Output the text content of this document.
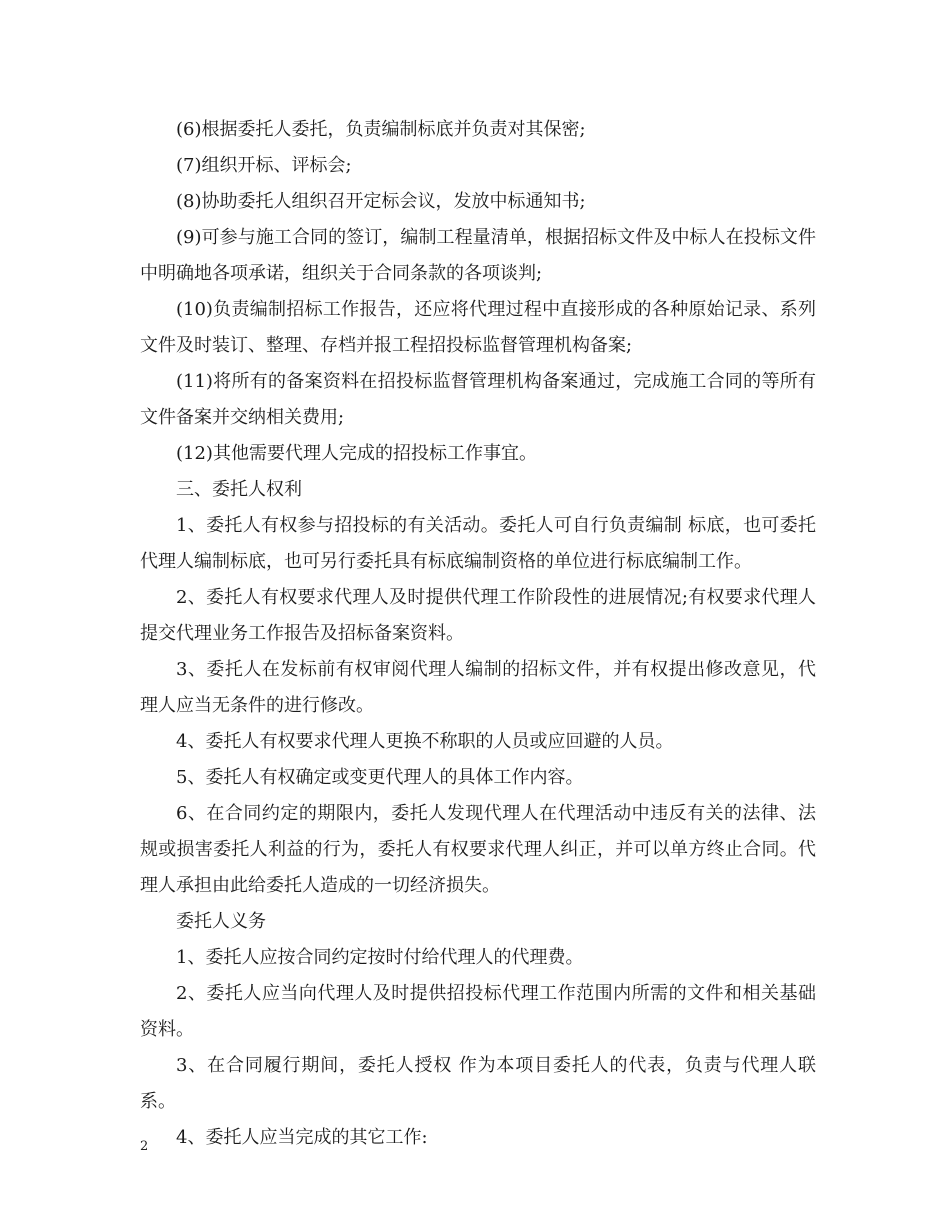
(6)根据委托人委托，负责编制标底并负责对其保密;

(7)组织开标、评标会;

(8)协助委托人组织召开定标会议，发放中标通知书;

(9)可参与施工合同的签订，编制工程量清单，根据招标文件及中标人在投标文件中明确地各项承诺，组织关于合同条款的各项谈判;

(10)负责编制招标工作报告，还应将代理过程中直接形成的各种原始记录、系列文件及时装订、整理、存档并报工程招投标监督管理机构备案;

(11)将所有的备案资料在招投标监督管理机构备案通过，完成施工合同的等所有文件备案并交纳相关费用;

(12)其他需要代理人完成的招投标工作事宜。

三、委托人权利

1、委托人有权参与招投标的有关活动。委托人可自行负责编制 标底，也可委托代理人编制标底，也可另行委托具有标底编制资格的单位进行标底编制工作。

2、委托人有权要求代理人及时提供代理工作阶段性的进展情况;有权要求代理人提交代理业务工作报告及招标备案资料。

3、委托人在发标前有权审阅代理人编制的招标文件，并有权提出修改意见，代理人应当无条件的进行修改。

4、委托人有权要求代理人更换不称职的人员或应回避的人员。

5、委托人有权确定或变更代理人的具体工作内容。

6、在合同约定的期限内，委托人发现代理人在代理活动中违反有关的法律、法规或损害委托人利益的行为，委托人有权要求代理人纠正，并可以单方终止合同。代理人承担由此给委托人造成的一切经济损失。

委托人义务

1、委托人应按合同约定按时付给代理人的代理费。

2、委托人应当向代理人及时提供招投标代理工作范围内所需的文件和相关基础资料。

3、在合同履行期间，委托人授权 作为本项目委托人的代表，负责与代理人联系。

4、委托人应当完成的其它工作:

2
